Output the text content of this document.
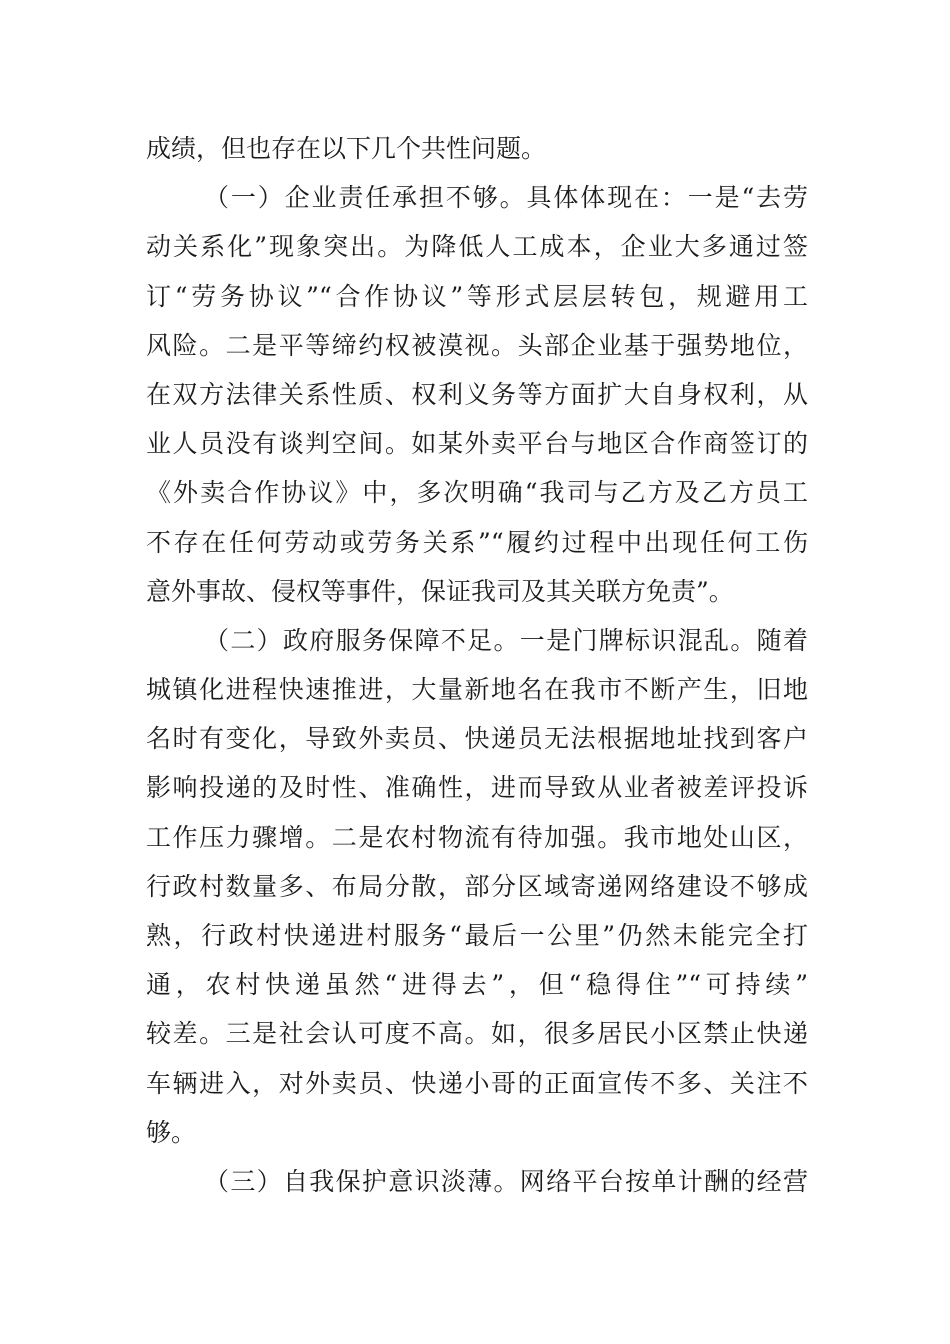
成绩，但也存在以下几个共性问题。
（一）企业责任承担不够。具体体现在：一是“去劳
动关系化”现象突出。为降低人工成本，企业大多通过签
订“劳务协议”“合作协议”等形式层层转包，规避用工
风险。二是平等缔约权被漠视。头部企业基于强势地位，
在双方法律关系性质、权利义务等方面扩大自身权利，从
业人员没有谈判空间。如某外卖平台与地区合作商签订的
《外卖合作协议》中，多次明确“我司与乙方及乙方员工
不存在任何劳动或劳务关系”“履约过程中出现任何工伤
意外事故、侵权等事件，保证我司及其关联方免责”。
（二）政府服务保障不足。一是门牌标识混乱。随着
城镇化进程快速推进，大量新地名在我市不断产生，旧地
名时有变化，导致外卖员、快递员无法根据地址找到客户
影响投递的及时性、准确性，进而导致从业者被差评投诉
工作压力骤增。二是农村物流有待加强。我市地处山区，
行政村数量多、布局分散，部分区域寄递网络建设不够成
熟，行政村快递进村服务“最后一公里”仍然未能完全打
通，农村快递虽然“进得去”，但“稳得住”“可持续”
较差。三是社会认可度不高。如，很多居民小区禁止快递
车辆进入，对外卖员、快递小哥的正面宣传不多、关注不
够。
（三）自我保护意识淡薄。网络平台按单计酬的经营
